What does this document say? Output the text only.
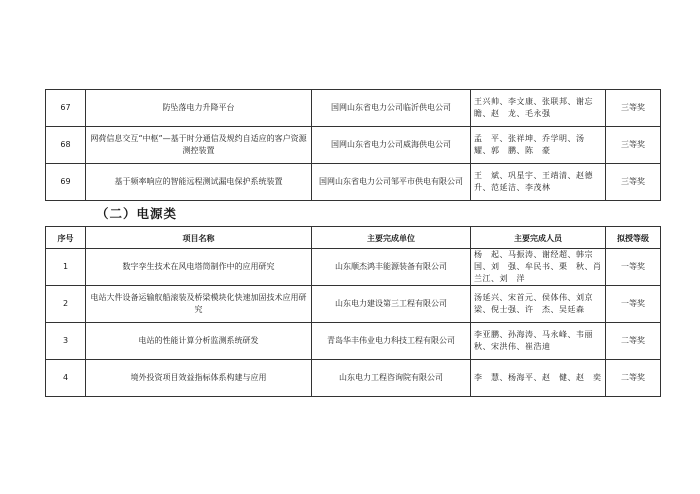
67	防坠落电力升降平台	国网山东省电力公司临沂供电公司	王兴帅、李文康、张联邦、谢忘瞻、赵　龙、毛永强	三等奖
68	网荷信息交互“中枢”—基于时分通信及规约自适应的客户资源测控装置	国网山东省电力公司威海供电公司	孟　平、张祥坤、乔学明、汤　耀、郭　鹏、陈　豪	三等奖
69	基于频率响应的智能远程测试漏电保护系统装置	国网山东省电力公司邹平市供电有限公司	王　斌、巩星宇、王靖清、赵德升、范延洁、李茂林	三等奖
（二）电源类
序号	项目名称	主要完成单位	主要完成人员	拟授等级
1	数字孪生技术在风电塔筒制作中的应用研究	山东顺杰鸿丰能源装备有限公司	杨　起、马振涛、谢经超、韩宗国、刘　强、牟民书、栗　秋、肖兰江、刘　洋	一等奖
2	电站大件设备运输舣船滚装及桥梁模块化快速加固技术应用研究	山东电力建设第三工程有限公司	汤延兴、宋首元、侯体伟、刘京梁、倪士强、许　杰、吴廷森	一等奖
3	电站的性能计算分析监测系统研发	青岛华丰伟业电力科技工程有限公司	李亚鹏、孙海涛、马永峰、韦丽秋、宋洪伟、崔浩迪	二等奖
4	境外投资项目效益指标体系构建与应用	山东电力工程咨询院有限公司	李　慧、杨海平、赵　健、赵　奕	二等奖
